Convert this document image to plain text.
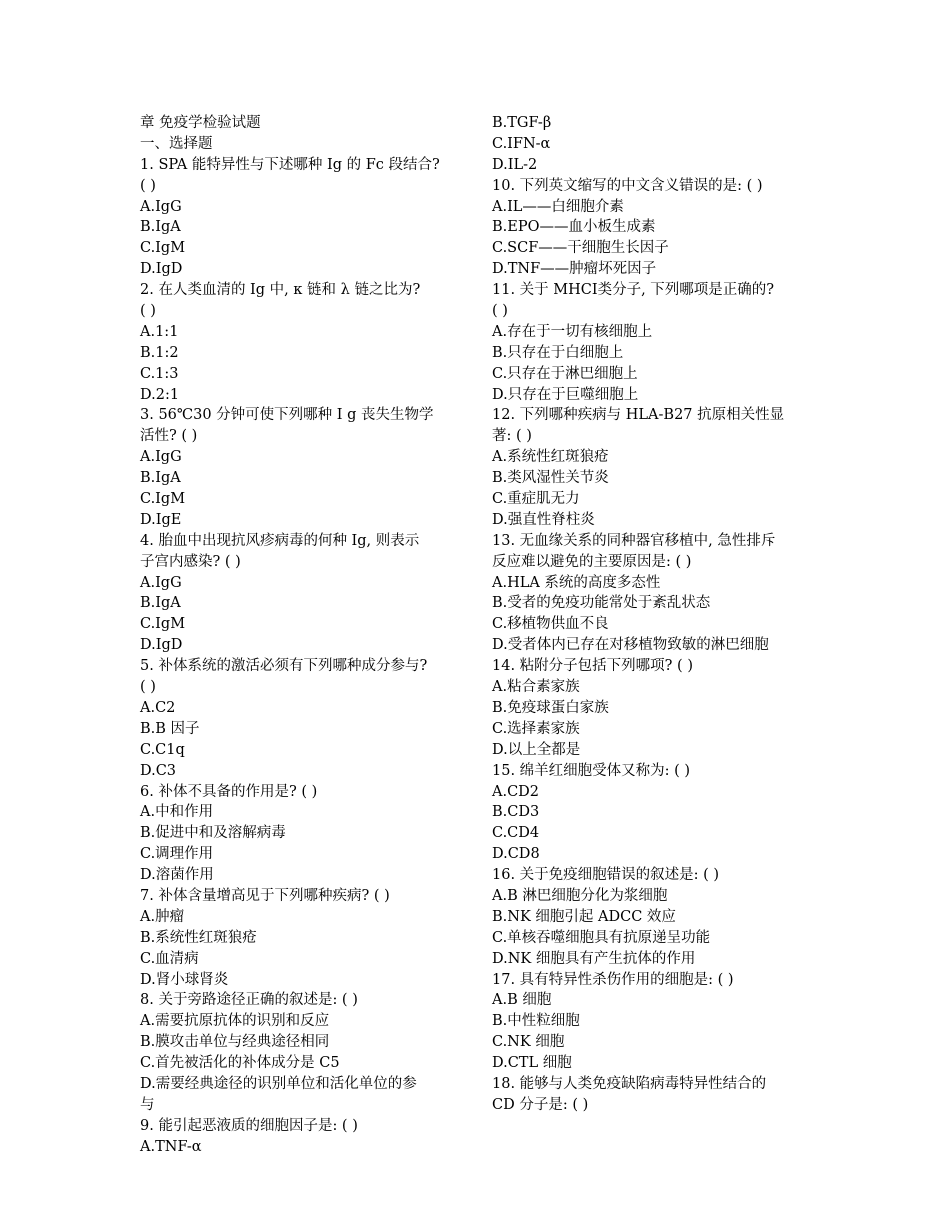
章 免疫学检验试题
一、选择题
1. SPA 能特异性与下述哪种 Ig 的 Fc 段结合?
( )
A.IgG
B.IgA
C.IgM
D.IgD
2. 在人类血清的 Ig 中, κ 链和 λ 链之比为?
( )
A.1:1
B.1:2
C.1:3
D.2:1
3. 56℃30 分钟可使下列哪种 I g 丧失生物学
活性? ( )
A.IgG
B.IgA
C.IgM
D.IgE
4. 胎血中出现抗风疹病毒的何种 Ig, 则表示
子宫内感染? ( )
A.IgG
B.IgA
C.IgM
D.IgD
5. 补体系统的激活必须有下列哪种成分参与?
( )
A.C2
B.B 因子
C.C1q
D.C3
6. 补体不具备的作用是? ( )
A.中和作用
B.促进中和及溶解病毒
C.调理作用
D.溶菌作用
7. 补体含量增高见于下列哪种疾病? ( )
A.肿瘤
B.系统性红斑狼疮
C.血清病
D.肾小球肾炎
8. 关于旁路途径正确的叙述是: ( )
A.需要抗原抗体的识别和反应
B.膜攻击单位与经典途径相同
C.首先被活化的补体成分是 C5
D.需要经典途径的识别单位和活化单位的参
与
9. 能引起恶液质的细胞因子是: ( )
A.TNF-α
B.TGF-β
C.IFN-α
D.IL-2
10. 下列英文缩写的中文含义错误的是: ( )
A.IL——白细胞介素
B.EPO——血小板生成素
C.SCF——干细胞生长因子
D.TNF——肿瘤坏死因子
11. 关于 MHCⅠ类分子, 下列哪项是正确的?
( )
A.存在于一切有核细胞上
B.只存在于白细胞上
C.只存在于淋巴细胞上
D.只存在于巨噬细胞上
12. 下列哪种疾病与 HLA-B27 抗原相关性显
著: ( )
A.系统性红斑狼疮
B.类风湿性关节炎
C.重症肌无力
D.强直性脊柱炎
13. 无血缘关系的同种器官移植中, 急性排斥
反应难以避免的主要原因是: ( )
A.HLA 系统的高度多态性
B.受者的免疫功能常处于紊乱状态
C.移植物供血不良
D.受者体内已存在对移植物致敏的淋巴细胞
14. 粘附分子包括下列哪项? ( )
A.粘合素家族
B.免疫球蛋白家族
C.选择素家族
D.以上全都是
15. 绵羊红细胞受体又称为: ( )
A.CD2
B.CD3
C.CD4
D.CD8
16. 关于免疫细胞错误的叙述是: ( )
A.B 淋巴细胞分化为浆细胞
B.NK 细胞引起 ADCC 效应
C.单核吞噬细胞具有抗原递呈功能
D.NK 细胞具有产生抗体的作用
17. 具有特异性杀伤作用的细胞是: ( )
A.B 细胞
B.中性粒细胞
C.NK 细胞
D.CTL 细胞
18. 能够与人类免疫缺陷病毒特异性结合的
CD 分子是: ( )
